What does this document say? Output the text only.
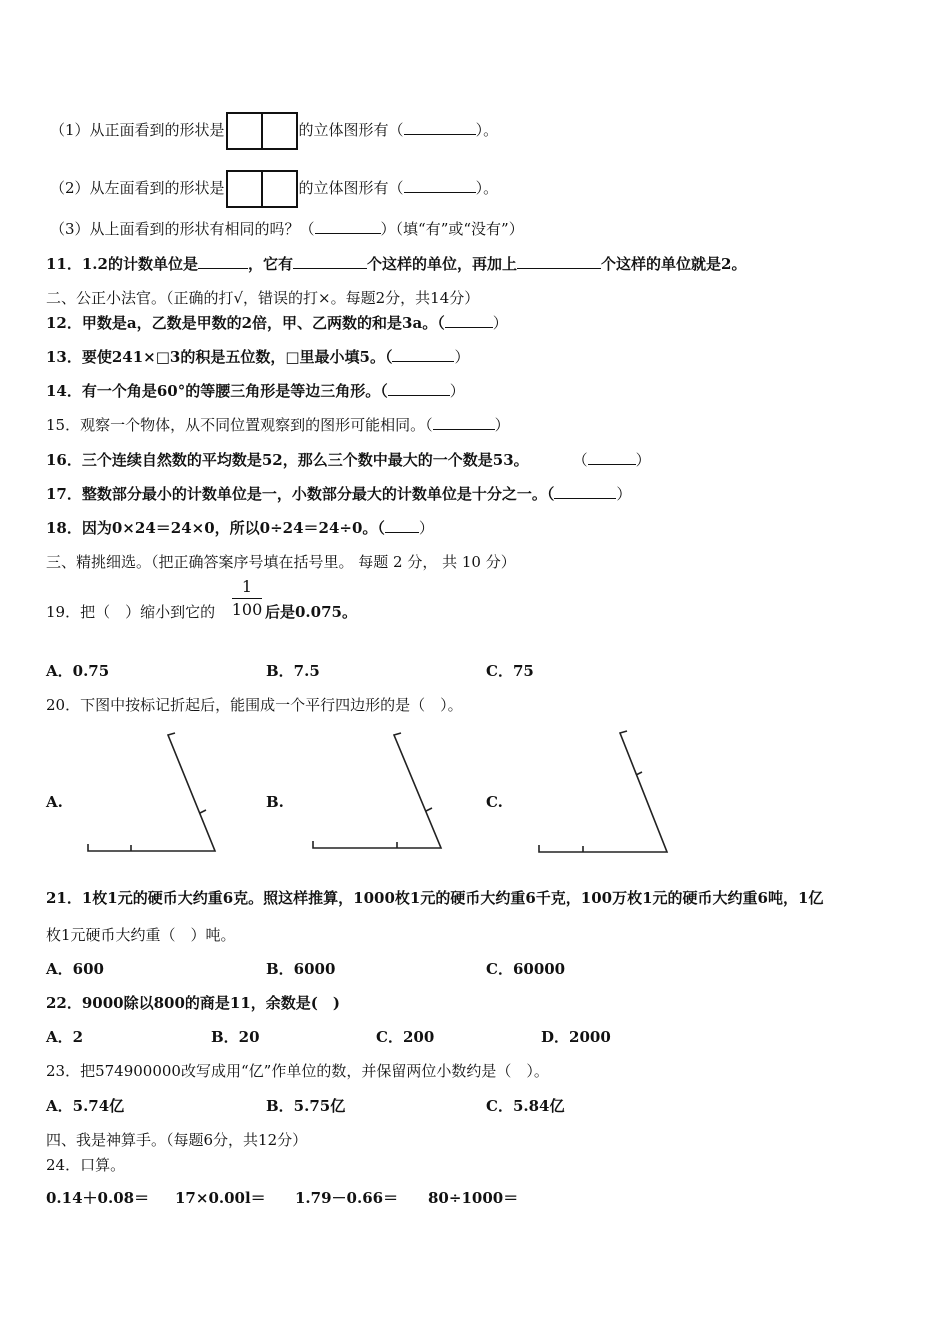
（1）从正面看到的形状是	的立体图形有（	）。
（2）从左面看到的形状是	的立体图形有（	）。
（3）从上面看到的形状有相同的吗？（	）（填“有”或“没有”）
11．1.2的计数单位是	，它有	个这样的单位，再加上	个这样的单位就是2。
二、公正小法官。（正确的打√，错误的打×。每题2分，共14分）
12．甲数是a，乙数是甲数的2倍，甲、乙两数的和是3a。（	）
13．要使241×□3的积是五位数，□里最小填5。（	）
14．有一个角是60°的等腰三角形是等边三角形。（	）
15．观察一个物体，从不同位置观察到的图形可能相同。（	）
16．三个连续自然数的平均数是52，那么三个数中最大的一个数是53。	（	）
17．整数部分最小的计数单位是一，小数部分最大的计数单位是十分之一。（	）
18．因为0×24＝24×0，所以0÷24＝24÷0。（ ）
三、精挑细选。（把正确答案序号填在括号里。 每题 2 分， 共 10 分）
19．把（　）缩小到它的
1
100 后是0.075。
A．0.75	B．7.5	C．75
20．下图中按标记折起后，能围成一个平行四边形的是（　）。
A.	B.	C.
21．1枚1元的硬币大约重6克。照这样推算，1000枚1元的硬币大约重6千克，100万枚1元的硬币大约重6吨，1亿
枚1元硬币大约重（　）吨。
A．600	B．6000	C．60000
22．9000除以800的商是11，余数是(　)
A．2	B．20	C．200	D．2000
23．把574900000改写成用“亿”作单位的数，并保留两位小数约是（　）。
A．5.74亿	B．5.75亿	C．5.84亿
四、我是神算手。（每题6分，共12分）
24．口算。
0.14＋0.08＝ 17×0.00l＝ 1.79－0.66＝ 80÷1000＝
